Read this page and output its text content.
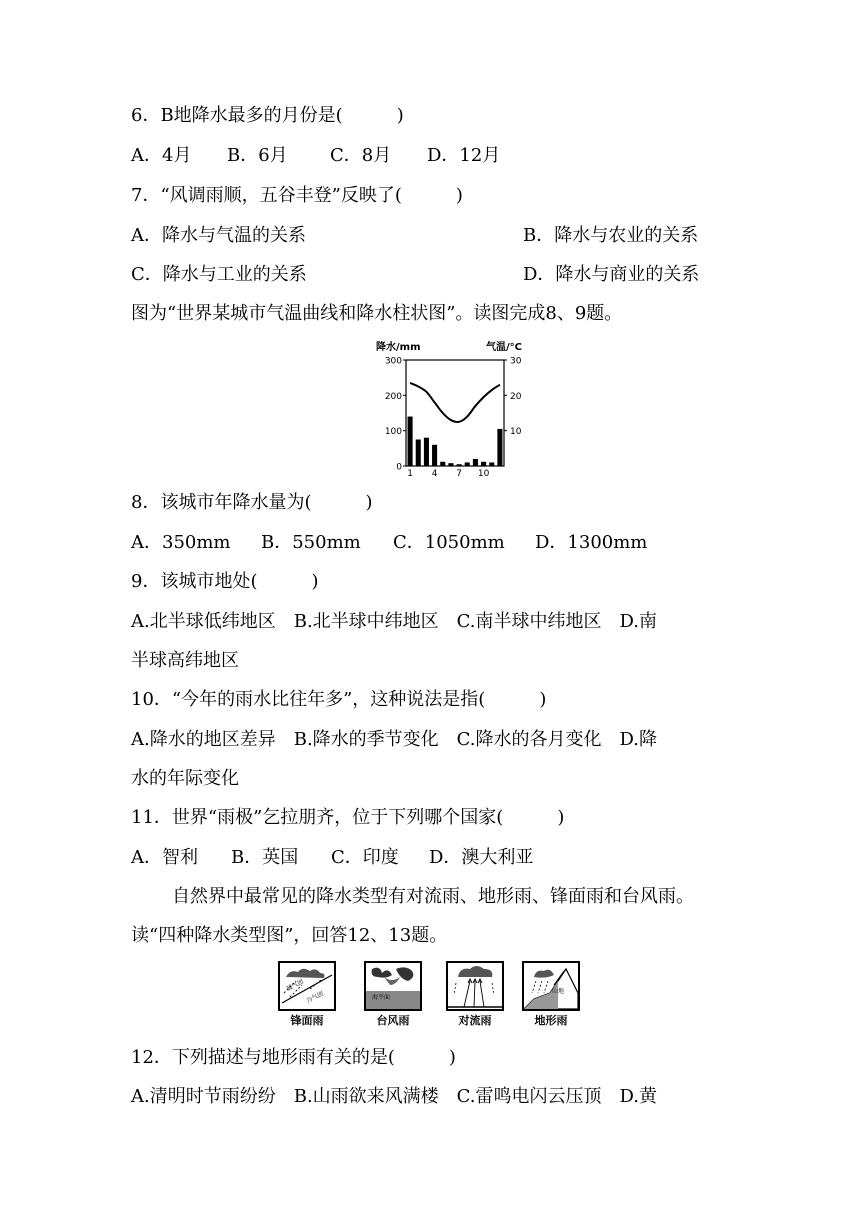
6．B地降水最多的月份是(　　　)
A．4月 B．6月 C．8月 D．12月
7．“风调雨顺，五谷丰登”反映了(　　　)
A．降水与气温的关系	B．降水与农业的关系
C．降水与工业的关系	D．降水与商业的关系
图为“世界某城市气温曲线和降水柱状图”。读图完成8、9题。
降水/mm	气温/°C
300
200
100
0
30
20
10
1 4 7 10
8．该城市年降水量为(　　　)
A．350mm B．550mm C．1050mm D．1300mm
9．该城市地处(　　　)
A.北半球低纬地区　B.北半球中纬地区　C.南半球中纬地区　D.南
半球高纬地区
10．“今年的雨水比往年多”，这种说法是指(　　　)
A.降水的地区差异　B.降水的季节变化　C.降水的各月变化　D.降
水的年际变化
11．世界“雨极”乞拉朋齐，位于下列哪个国家(　　　)
A．智利 B．英国 C．印度 D．澳大利亚
自然界中最常见的降水类型有对流雨、地形雨、锋面雨和台风雨。
读“四种降水类型图”，回答12、13题。
暖气团
冷气团
锋面雨
海平面
台风雨	对流雨
山地
地形雨
12．下列描述与地形雨有关的是(　　　)
A.清明时节雨纷纷　B.山雨欲来风满楼　C.雷鸣电闪云压顶　D.黄
